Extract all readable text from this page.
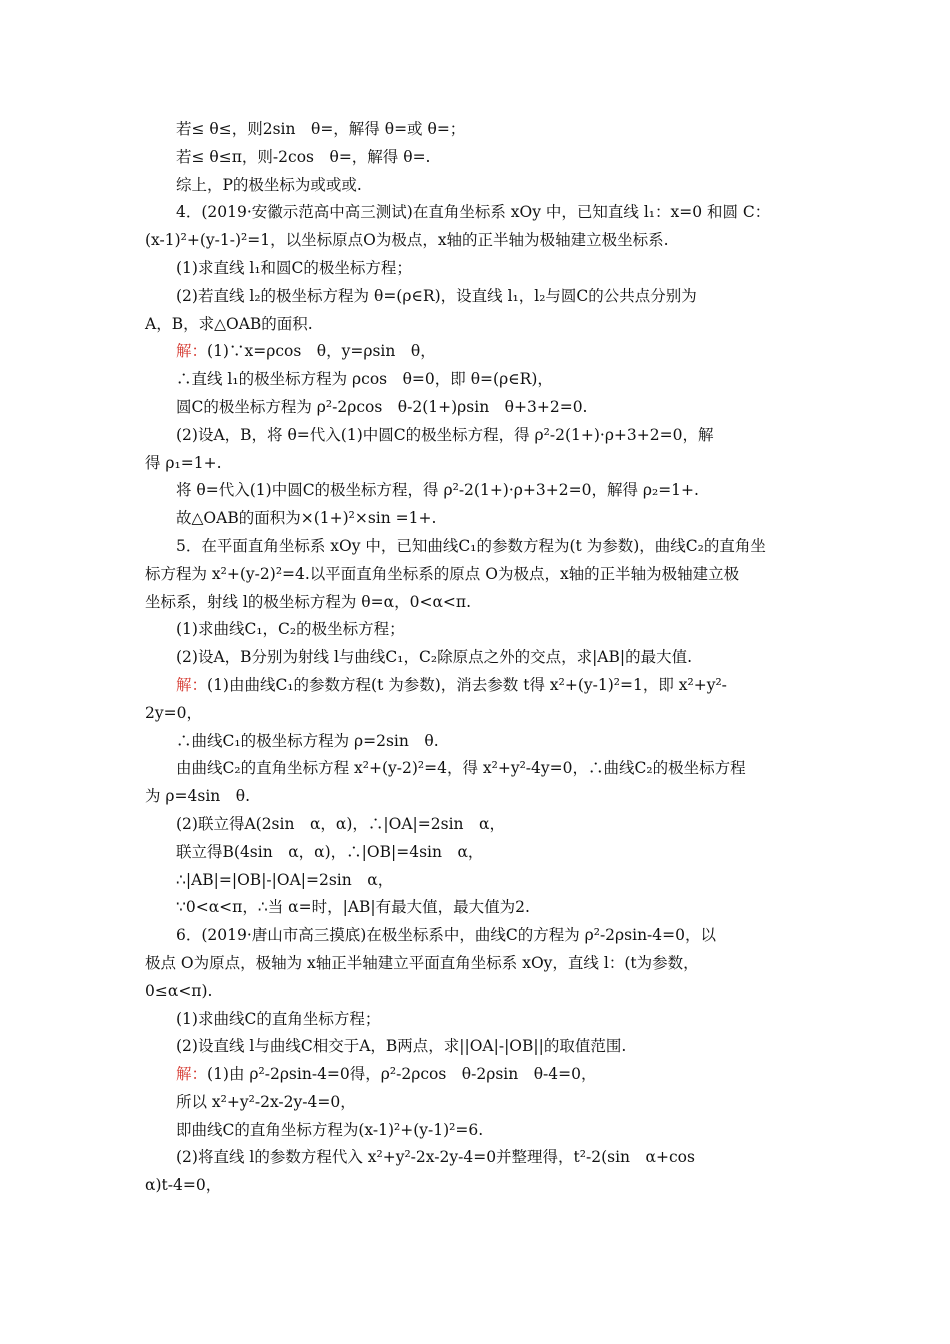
若≤ θ≤，则2sin　θ=，解得 θ=或 θ=；
若≤ θ≤π，则-2cos　θ=，解得 θ=.
综上，P的极坐标为或或或.
4．(2019·安徽示范高中高三测试)在直角坐标系 xOy 中，已知直线 l₁：x=0 和圆 C：
(x-1)²+(y-1-)²=1，以坐标原点O为极点，x轴的正半轴为极轴建立极坐标系.
(1)求直线 l₁和圆C的极坐标方程；
(2)若直线 l₂的极坐标方程为 θ=(ρ∈R)，设直线 l₁，l₂与圆C的公共点分别为
A，B，求△OAB的面积.
解：(1)∵x=ρcos　θ，y=ρsin　θ，
∴直线 l₁的极坐标方程为 ρcos　θ=0，即 θ=(ρ∈R)，
圆C的极坐标方程为 ρ²-2ρcos　θ-2(1+)ρsin　θ+3+2=0.
(2)设A，B，将 θ=代入(1)中圆C的极坐标方程，得 ρ²-2(1+)·ρ+3+2=0，解
得 ρ₁=1+.
将 θ=代入(1)中圆C的极坐标方程，得 ρ²-2(1+)·ρ+3+2=0，解得 ρ₂=1+.
故△OAB的面积为×(1+)²×sin =1+.
5．在平面直角坐标系 xOy 中，已知曲线C₁的参数方程为(t 为参数)，曲线C₂的直角坐
标方程为 x²+(y-2)²=4.以平面直角坐标系的原点 O为极点，x轴的正半轴为极轴建立极
坐标系，射线 l的极坐标方程为 θ=α，0<α<π.
(1)求曲线C₁，C₂的极坐标方程；
(2)设A，B分别为射线 l与曲线C₁，C₂除原点之外的交点，求|AB|的最大值.
解：(1)由曲线C₁的参数方程(t 为参数)，消去参数 t得 x²+(y-1)²=1，即 x²+y²-
2y=0，
∴曲线C₁的极坐标方程为 ρ=2sin　θ.
由曲线C₂的直角坐标方程 x²+(y-2)²=4，得 x²+y²-4y=0，∴曲线C₂的极坐标方程
为 ρ=4sin　θ.
(2)联立得A(2sin　α，α)，∴|OA|=2sin　α，
联立得B(4sin　α，α)，∴|OB|=4sin　α，
∴|AB|=|OB|-|OA|=2sin　α，
∵0<α<π，∴当 α=时，|AB|有最大值，最大值为2.
6．(2019·唐山市高三摸底)在极坐标系中，曲线C的方程为 ρ²-2ρsin-4=0，以
极点 O为原点，极轴为 x轴正半轴建立平面直角坐标系 xOy，直线 l：(t为参数，
0≤α<π).
(1)求曲线C的直角坐标方程；
(2)设直线 l与曲线C相交于A，B两点，求||OA|-|OB||的取值范围.
解：(1)由 ρ²-2ρsin-4=0得，ρ²-2ρcos　θ-2ρsin　θ-4=0，
所以 x²+y²-2x-2y-4=0，
即曲线C的直角坐标方程为(x-1)²+(y-1)²=6.
(2)将直线 l的参数方程代入 x²+y²-2x-2y-4=0并整理得，t²-2(sin　α+cos
α)t-4=0，
